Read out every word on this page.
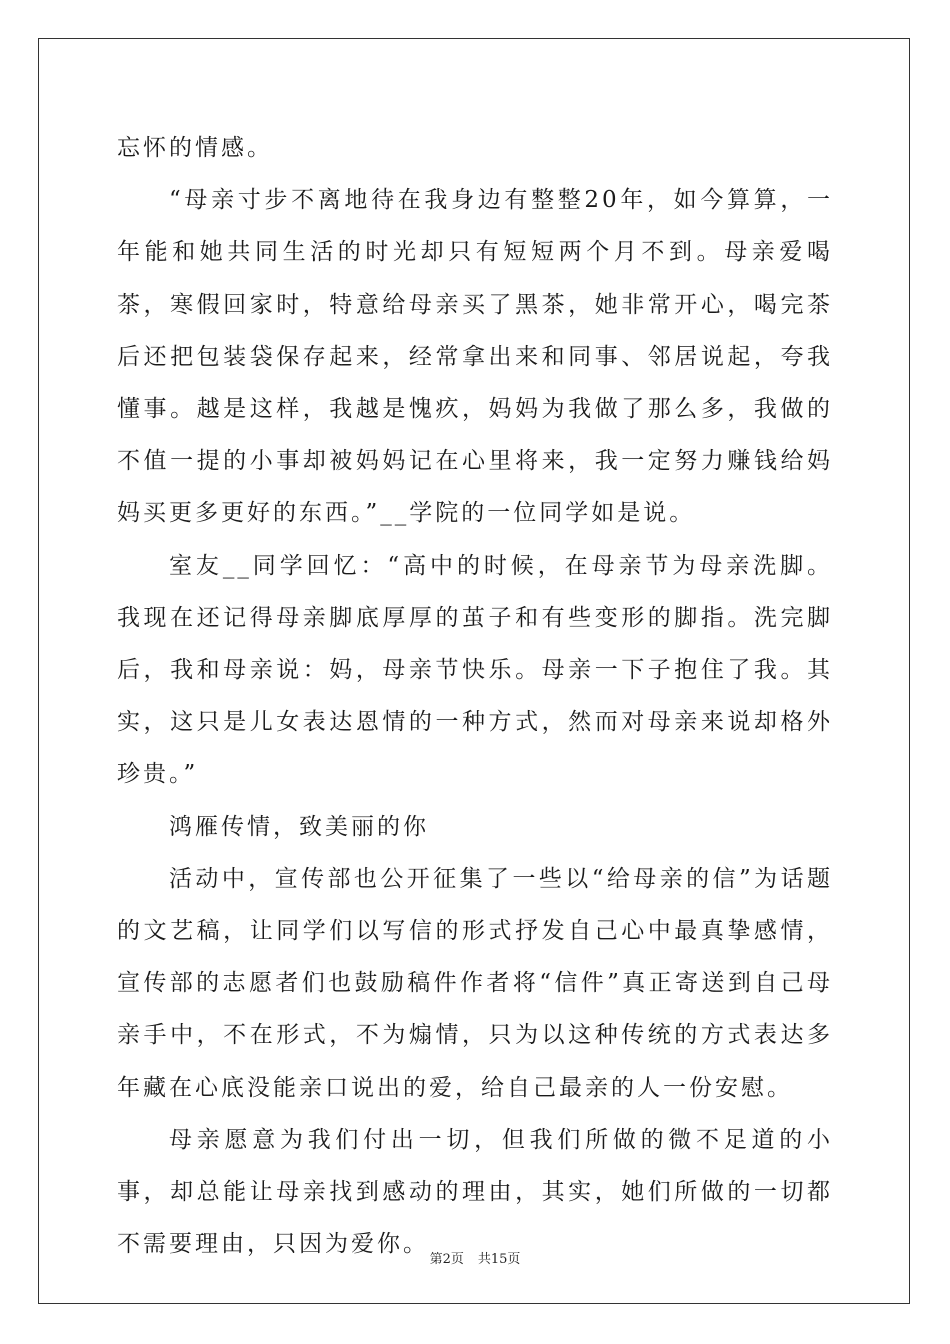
忘怀的情感。

“母亲寸步不离地待在我身边有整整20年，如今算算，一年能和她共同生活的时光却只有短短两个月不到。母亲爱喝茶，寒假回家时，特意给母亲买了黑茶，她非常开心，喝完茶后还把包装袋保存起来，经常拿出来和同事、邻居说起，夸我懂事。越是这样，我越是愧疚，妈妈为我做了那么多，我做的不值一提的小事却被妈妈记在心里将来，我一定努力赚钱给妈妈买更多更好的东西。”__学院的一位同学如是说。

室友__同学回忆：“高中的时候，在母亲节为母亲洗脚。我现在还记得母亲脚底厚厚的茧子和有些变形的脚指。洗完脚后，我和母亲说：妈，母亲节快乐。母亲一下子抱住了我。其实，这只是儿女表达恩情的一种方式，然而对母亲来说却格外珍贵。”

鸿雁传情，致美丽的你

活动中，宣传部也公开征集了一些以“给母亲的信”为话题的文艺稿，让同学们以写信的形式抒发自己心中最真挚感情，宣传部的志愿者们也鼓励稿件作者将“信件”真正寄送到自己母亲手中，不在形式，不为煽情，只为以这种传统的方式表达多年藏在心底没能亲口说出的爱，给自己最亲的人一份安慰。

母亲愿意为我们付出一切，但我们所做的微不足道的小事，却总能让母亲找到感动的理由，其实，她们所做的一切都不需要理由，只因为爱你。

第2页 共15页
